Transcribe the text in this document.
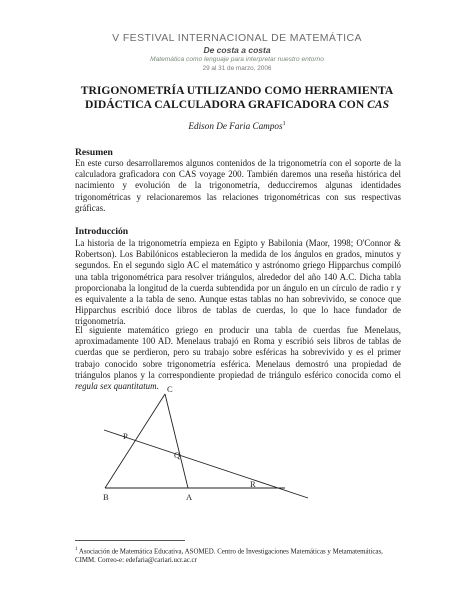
V FESTIVAL INTERNACIONAL DE MATEMÁTICA
De costa a costa
Matemática como lenguaje para interpretar nuestro entorno
29 al 31 de marzo, 2006
TRIGONOMETRÍA UTILIZANDO COMO HERRAMIENTA
DIDÁCTICA CALCULADORA GRAFICADORA CON CAS
Edison De Faria Campos$^1$
Resumen
En este curso desarrollaremos algunos contenidos de la trigonometría con el soporte de la calculadora graficadora con CAS voyage 200. También daremos una reseña histórica del nacimiento y evolución de la trigonometría, deducciremos algunas identidades trigonométricas y relacionaremos las relaciones trigonométricas con sus respectivas gráficas.
Introducción
La historia de la trigonometría empieza en Egipto y Babilonia (Maor, 1998; O'Connor & Robertson). Los Babilónicos establecieron la medida de los ángulos en grados, minutos y segundos. En el segundo siglo AC el matemático y astrónomo griego Hipparchus compiló una tabla trigonométrica para resolver triángulos, alrededor del año 140 A.C. Dicha tabla proporcionaba la longitud de la cuerda subtendida por un ángulo en un círculo de radio r y es equivalente a la tabla de seno. Aunque estas tablas no han sobrevivido, se conoce que Hipparchus escribió doce libros de tablas de cuerdas, lo que lo hace fundador de trigonometría.
El siguiente matemático griego en producir una tabla de cuerdas fue Menelaus, aproximadamente 100 AD. Menelaus trabajó en Roma y escribió seis libros de tablas de cuerdas que se perdieron, pero su trabajo sobre esféricas ha sobrevivido y es el primer trabajo conocido sobre trigonometría esférica. Menelaus demostró una propiedad de triángulos planos y la correspondiente propiedad de triángulo esférico conocida como el regula sex quantitatum. C
P
Q
R
B	A
$^1$ Asociación de Matemática Educativa, ASOMED. Centro de Investigaciones Matemáticas y Metamatemáticas, CIMM. Correo-e: edefaria@cariari.ucr.ac.cr
